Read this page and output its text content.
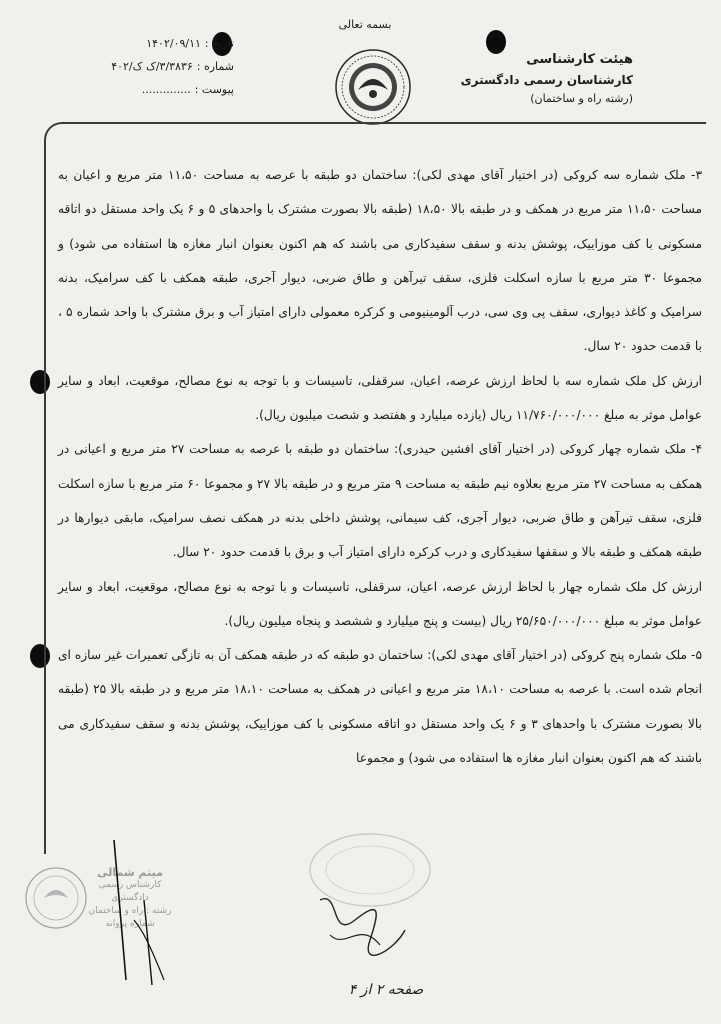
بسمه تعالی
تاریخ :
۱۴۰۲/۰۹/۱۱
شماره :
۳/۳۸۳۶/ک ک/۴۰۲
پیوست :
..............
هیئت کارشناسی
کارشناسان رسمی دادگستری
(رشته راه و ساختمان)

۳- ملک شماره سه کروکی (در اختیار آقای مهدی لکی): ساختمان دو طبقه با عرصه به مساحت ۱۱،۵۰ متر مربع و اعیان به مساحت ۱۱،۵۰ متر مربع در همکف و در طبقه بالا ۱۸،۵۰ (طبقه بالا بصورت مشترک با واحدهای ۵ و ۶ یک واحد مستقل دو اتاقه مسکونی با کف موزاییک، پوشش بدنه و سقف سفیدکاری می باشند که هم اکنون بعنوان انبار مغازه ها استفاده می شود) و مجموعا ۳۰ متر مربع با سازه اسکلت فلزی، سقف تیرآهن و طاق ضربی، دیوار آجری، طبقه همکف با کف سرامیک، بدنه سرامیک و کاغذ دیواری، سقف پی وی سی، درب آلومینیومی و کرکره معمولی دارای امتیاز آب و برق مشترک با واحد شماره ۵ ، با قدمت حدود ۲۰ سال.

ارزش کل ملک شماره سه با لحاظ ارزش عرصه، اعیان، سرقفلی، تاسیسات و با توجه به نوع مصالح، موقعیت، ابعاد و سایر عوامل موثر به مبلغ ۱۱/۷۶۰/۰۰۰/۰۰۰ ریال (یازده میلیارد و هفتصد و شصت میلیون ریال).

۴- ملک شماره چهار کروکی (در اختیار آقای افشین حیدری): ساختمان دو طبقه با عرصه به مساحت ۲۷ متر مربع و اعیانی در همکف به مساحت ۲۷ متر مربع بعلاوه نیم طبقه به مساحت ۹ متر مربع و در طبقه بالا ۲۷ و مجموعا ۶۰ متر مربع با سازه اسکلت فلزی، سقف تیرآهن و طاق ضربی، دیوار آجری، کف سیمانی، پوشش داخلی بدنه در همکف نصف سرامیک، مابقی دیوارها در طبقه همکف و طبقه بالا و سقفها سفیدکاری و درب کرکره دارای امتیاز آب و برق با قدمت حدود ۲۰ سال.

ارزش کل ملک شماره چهار با لحاظ ارزش عرصه، اعیان، سرقفلی، تاسیسات و با توجه به نوع مصالح، موقعیت، ابعاد و سایر عوامل موثر به مبلغ ۲۵/۶۵۰/۰۰۰/۰۰۰ ریال (بیست و پنج میلیارد و ششصد و پنجاه میلیون ریال).

۵- ملک شماره پنج کروکی (در اختیار آقای مهدی لکی): ساختمان دو طبقه که در طبقه همکف آن به تازگی تعمیرات غیر سازه ای انجام شده است. با عرصه به مساحت ۱۸،۱۰ متر مربع و اعیانی در همکف به مساحت ۱۸،۱۰ متر مربع و در طبقه بالا ۲۵ (طبقه بالا بصورت مشترک با واحدهای ۳ و ۶ یک واحد مستقل دو اتاقه مسکونی با کف موزاییک، پوشش بدنه و سقف سفیدکاری می باشند که هم اکنون بعنوان انبار مغازه ها استفاده می شود) و مجموعا

میثم شمالی
کارشناس رسمی دادگستری
رشته : راه و ساختمان
شماره پروانه
صفحه ۲ از ۴
